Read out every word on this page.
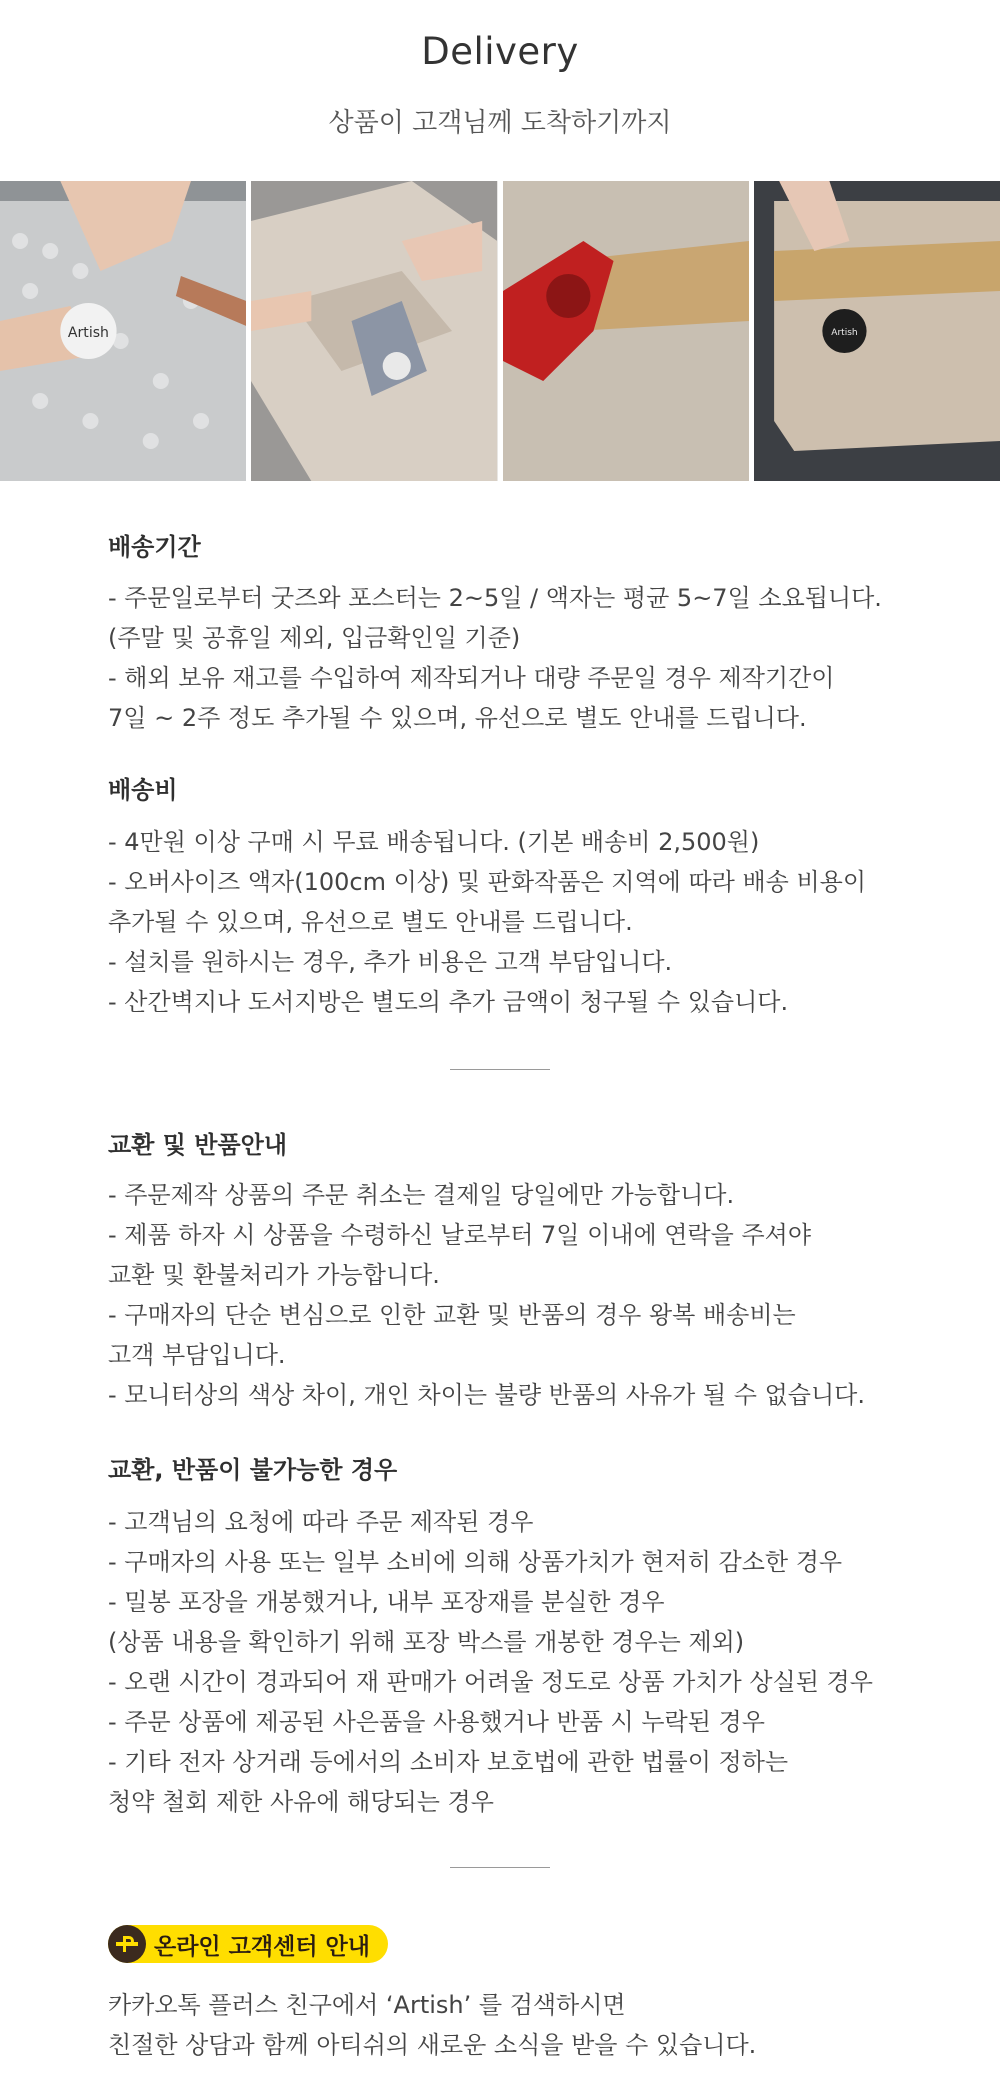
Delivery
상품이 고객님께 도착하기까지
Artish	Artish
배송기간
- 주문일로부터 굿즈와 포스터는 2~5일 / 액자는 평균 5~7일 소요됩니다.
(주말 및 공휴일 제외, 입금확인일 기준)
- 해외 보유 재고를 수입하여 제작되거나 대량 주문일 경우 제작기간이
7일 ~ 2주 정도 추가될 수 있으며, 유선으로 별도 안내를 드립니다.
배송비
- 4만원 이상 구매 시 무료 배송됩니다. (기본 배송비 2,500원)
- 오버사이즈 액자(100cm 이상) 및 판화작품은 지역에 따라 배송 비용이
추가될 수 있으며, 유선으로 별도 안내를 드립니다.
- 설치를 원하시는 경우, 추가 비용은 고객 부담입니다.
- 산간벽지나 도서지방은 별도의 추가 금액이 청구될 수 있습니다.
교환 및 반품안내
- 주문제작 상품의 주문 취소는 결제일 당일에만 가능합니다.
- 제품 하자 시 상품을 수령하신 날로부터 7일 이내에 연락을 주셔야
교환 및 환불처리가 가능합니다.
- 구매자의 단순 변심으로 인한 교환 및 반품의 경우 왕복 배송비는
고객 부담입니다.
- 모니터상의 색상 차이, 개인 차이는 불량 반품의 사유가 될 수 없습니다.
교환, 반품이 불가능한 경우
- 고객님의 요청에 따라 주문 제작된 경우
- 구매자의 사용 또는 일부 소비에 의해 상품가치가 현저히 감소한 경우
- 밀봉 포장을 개봉했거나, 내부 포장재를 분실한 경우
(상품 내용을 확인하기 위해 포장 박스를 개봉한 경우는 제외)
- 오랜 시간이 경과되어 재 판매가 어려울 정도로 상품 가치가 상실된 경우
- 주문 상품에 제공된 사은품을 사용했거나 반품 시 누락된 경우
- 기타 전자 상거래 등에서의 소비자 보호법에 관한 법률이 정하는
청약 철회 제한 사유에 해당되는 경우
온라인 고객센터 안내
카카오톡 플러스 친구에서 ‘Artish’ 를 검색하시면
친절한 상담과 함께 아티쉬의 새로운 소식을 받을 수 있습니다.
